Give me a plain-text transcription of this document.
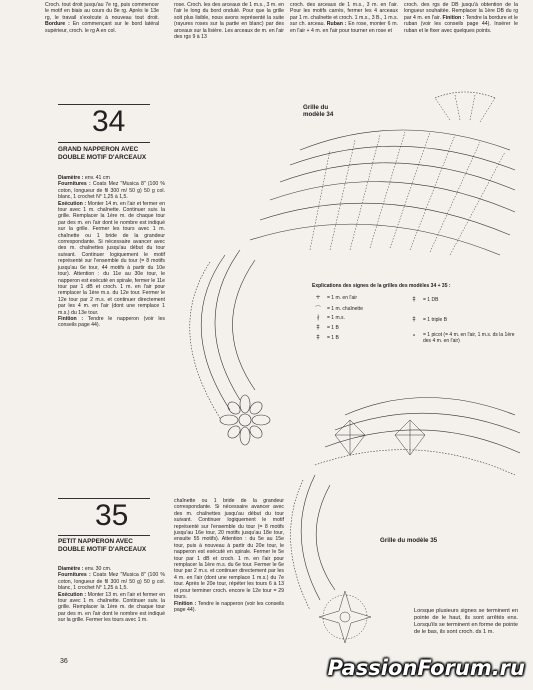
Croch. tout droit jusqu'au 7e rg, puis commencer le motif en biais au cours du 8e rg. Après le 13e rg, le travail s'exécute à nouveau tout droit. Bordure : En commençant sur le bord latéral supérieur, croch. le rg A en col.

rose. Croch. les des arceaux de 1 m.s., 3 m. en l'air le long du bord ondulé. Pour que la grille soit plus lisible, nous avons représenté la suite (rayures roses sur la partie en blanc) par des arceaux sur la lisière. Les arceaux de m. en l'air des rgs 9 à 13

croch. des arceaux de 1 m.s., 3 m. en l'air. Pour les motifs carrés, fermer les 4 arceaux par 1 m. chaînette et croch. 1 m.s., 3 B., 1 m.s. sur ch. arceau. Ruban : En rose, monter 6 m. en l'air + 4 m. en l'air pour tourner en rose et

croch. des rgs de DB jusqu'à obtention de la longueur souhaitée. Remplacer la 1ère DB du rg par 4 m. en l'air. Finition : Tendre la bordure et le ruban (voir les conseils page 44). Insérer le ruban et le fixer avec quelques points.

34
GRAND NAPPERON AVEC
DOUBLE MOTIF D'ARCEAUX

Diamètre : env. 41 cm

Fournitures : Coats Mez "Musica 8" (100 % coton, longueur de fil 300 m/ 50 g) 50 g col. blanc, 1 crochet N° 1,25 à 1,5.

Exécution : Monter 14 m. en l'air et fermer en tour avec 1 m. chaînette. Continuer suiv. la grille. Remplacer la 1ère m. de chaque tour par des m. en l'air dont le nombre est indiqué sur la grille. Fermer les tours avec 1 m. chaînette ou 1 bride de la grandeur correspondante. Si nécessaire avancer avec des m. chaînettes jusqu'au début du tour suivant. Continuer logiquement le motif représenté sur l'ensemble du tour (= 8 motifs jusqu'au 6e tour, 44 motifs à partir du 10e tour). Attention : du 11e au 30e tour, le napperon est exécuté en spirale, fermer le 11e tour par 1 dB et croch. 1 m. en l'air pour remplacer la 1ère m.s. du 12e tour. Fermer le 12e tour par 2 m.s. et continuer directement par les 4 m. en l'air (dont une remplace 1 m.s.) du 13e tour.

Finition : Tendre le napperon (voir les conseils page 44).

Grille du
modèle 34
Explications des signes de la grilles des modèles 34 + 35 :
+	= 1 m. en l'air
⌒	= 1 m. chaînette
∤	= 1 m.s.
‡	= 1 B
‡	= 1 B
‡	= 1 DB
‡	= 1 triple B
∘	= 1 picot (= 4 m. en l'air, 1 m.s. ds la 1ère des 4 m. en l'air)
35
PETIT NAPPERON AVEC
DOUBLE MOTIF D'ARCEAUX

Diamètre : env. 30 cm.

Fournitures : Coats Mez "Musica 8" (100 % coton, longueur de fil 300 m/ 50 g) 50 g col. blanc, 1 crochet N° 1,25 à 1,5.

Exécution : Monter 13 m. en l'air et fermer en tour avec 1 m. chaînette. Continuer suiv. la grille. Remplacer la 1ère m. de chaque tour par des m. en l'air dont le nombre est indiqué sur la grille. Fermer les tours avec 1 m.

chaînette ou 1 bride de la grandeur correspondante. Si nécessaire avancer avec des m. chaînettes jusqu'au début du tour suivant. Continuer logiquement le motif représenté sur l'ensemble du tour (= 8 motifs jusqu'au 16e tour, 20 motifs jusqu'au 18e tour, ensuite 55 motifs). Attention : du 5e au 15e tour, puis à nouveau à partir du 20e tour, le napperon est exécuté en spirale. Fermer le 5e tour par 1 dB et croch. 1 m. en l'air pour remplacer la 1ère m.s. du 6e tour. Fermer le 6e tour par 2 m.s. et continuer directement par les 4 m. en l'air (dont une remplace 1 m.s.) du 7e tour. Après le 20e tour, répéter les tours 6 à 13 et pour terminer croch. encore le 12e tour = 29 tours.

Finition : Tendre le napperon (voir les conseils page 44).

Grille du modèle 35
Lorsque plusieurs signes se terminent en pointe de le haut, ils sont arrêtés ens. Lorsqu'ils se terminent en forme de pointe de le bas, ils sont croch. ds 1 m.
36	PassionForum.ru
